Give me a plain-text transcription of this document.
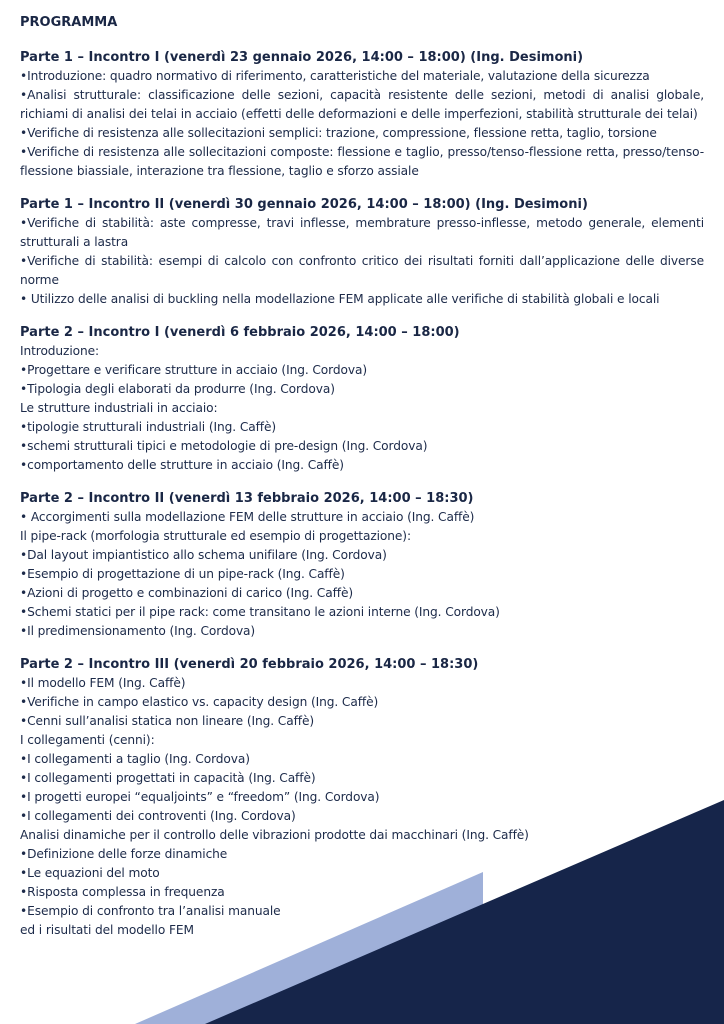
PROGRAMMA
Parte 1 – Incontro I (venerdì 23 gennaio 2026, 14:00 – 18:00) (Ing. Desimoni)
•Introduzione: quadro normativo di riferimento, caratteristiche del materiale, valutazione della sicurezza
•Analisi strutturale: classificazione delle sezioni, capacità resistente delle sezioni, metodi di analisi globale, richiami di analisi dei telai in acciaio (effetti delle deformazioni e delle imperfezioni, stabilità strutturale dei telai)
•Verifiche di resistenza alle sollecitazioni semplici: trazione, compressione, flessione retta, taglio, torsione
•Verifiche di resistenza alle sollecitazioni composte: flessione e taglio, presso/tenso-flessione retta, presso/tenso-flessione biassiale, interazione tra flessione, taglio e sforzo assiale
Parte 1 – Incontro II (venerdì 30 gennaio 2026, 14:00 – 18:00) (Ing. Desimoni)
•Verifiche di stabilità: aste compresse, travi inflesse, membrature presso-inflesse, metodo generale, elementi strutturali a lastra
•Verifiche di stabilità: esempi di calcolo con confronto critico dei risultati forniti dall’applicazione delle diverse norme
• Utilizzo delle analisi di buckling nella modellazione FEM applicate alle verifiche di stabilità globali e locali
Parte 2 – Incontro I (venerdì 6 febbraio 2026, 14:00 – 18:00)
Introduzione:
•Progettare e verificare strutture in acciaio (Ing. Cordova)
•Tipologia degli elaborati da produrre (Ing. Cordova)
Le strutture industriali in acciaio:
•tipologie strutturali industriali (Ing. Caffè)
•schemi strutturali tipici e metodologie di pre-design (Ing. Cordova)
•comportamento delle strutture in acciaio (Ing. Caffè)
Parte 2 – Incontro II (venerdì 13 febbraio 2026, 14:00 – 18:30)
• Accorgimenti sulla modellazione FEM delle strutture in acciaio (Ing. Caffè)
Il pipe-rack (morfologia strutturale ed esempio di progettazione):
•Dal layout impiantistico allo schema unifilare (Ing. Cordova)
•Esempio di progettazione di un pipe-rack (Ing. Caffè)
•Azioni di progetto e combinazioni di carico (Ing. Caffè)
•Schemi statici per il pipe rack: come transitano le azioni interne (Ing. Cordova)
•Il predimensionamento (Ing. Cordova)
Parte 2 – Incontro III (venerdì 20 febbraio 2026, 14:00 – 18:30)
•Il modello FEM (Ing. Caffè)
•Verifiche in campo elastico vs. capacity design (Ing. Caffè)
•Cenni sull’analisi statica non lineare (Ing. Caffè)
I collegamenti (cenni):
•I collegamenti a taglio (Ing. Cordova)
•I collegamenti progettati in capacità (Ing. Caffè)
•I progetti europei “equaljoints” e “freedom” (Ing. Cordova)
•I collegamenti dei controventi (Ing. Cordova)
Analisi dinamiche per il controllo delle vibrazioni prodotte dai macchinari (Ing. Caffè)
•Definizione delle forze dinamiche
•Le equazioni del moto
•Risposta complessa in frequenza
•Esempio di confronto tra l’analisi manuale
ed i risultati del modello FEM
